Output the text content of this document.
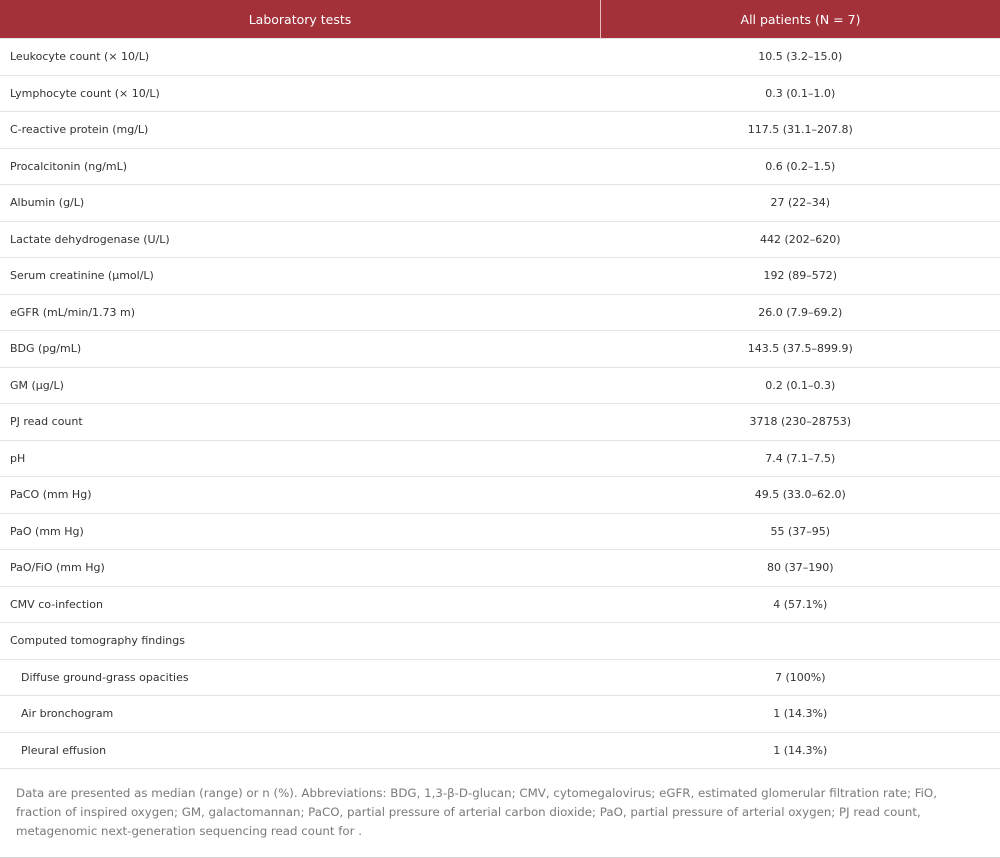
Laboratory tests	All patients (N = 7)
Leukocyte count (× 10/L)	10.5 (3.2–15.0)
Lymphocyte count (× 10/L)	0.3 (0.1–1.0)
C-reactive protein (mg/L)	117.5 (31.1–207.8)
Procalcitonin (ng/mL)	0.6 (0.2–1.5)
Albumin (g/L)	27 (22–34)
Lactate dehydrogenase (U/L)	442 (202–620)
Serum creatinine (μmol/L)	192 (89–572)
eGFR (mL/min/1.73 m)	26.0 (7.9–69.2)
BDG (pg/mL)	143.5 (37.5–899.9)
GM (μg/L)	0.2 (0.1–0.3)
PJ read count	3718 (230–28753)
pH	7.4 (7.1–7.5)
PaCO (mm Hg)	49.5 (33.0–62.0)
PaO (mm Hg)	55 (37–95)
PaO/FiO (mm Hg)	80 (37–190)
CMV co-infection	4 (57.1%)
Computed tomography findings	
Diffuse ground-grass opacities	7 (100%)
Air bronchogram	1 (14.3%)
Pleural effusion	1 (14.3%)
Data are presented as median (range) or n (%). Abbreviations: BDG, 1,3-β-D-glucan; CMV, cytomegalovirus; eGFR, estimated glomerular filtration rate; FiO, fraction of inspired oxygen; GM, galactomannan; PaCO, partial pressure of arterial carbon dioxide; PaO, partial pressure of arterial oxygen; PJ read count, metagenomic next-generation sequencing read count for .
